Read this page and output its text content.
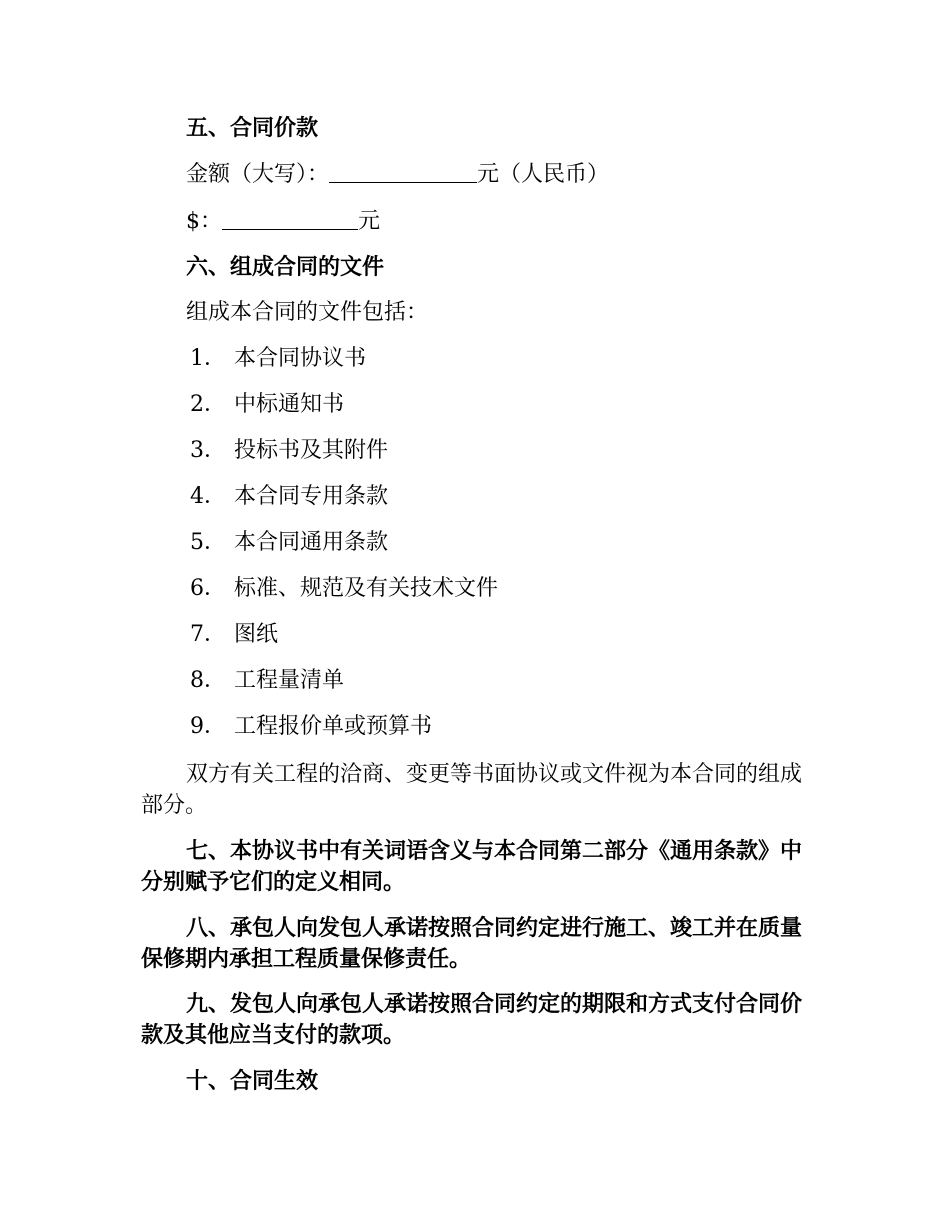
五、合同价款
金额（大写）：	元（人民币）
$：	元
六、组成合同的文件
组成本合同的文件包括：
1． 本合同协议书
2． 中标通知书
3． 投标书及其附件
4． 本合同专用条款
5． 本合同通用条款
6． 标准、规范及有关技术文件
7． 图纸
8． 工程量清单
9． 工程报价单或预算书
双方有关工程的洽商、变更等书面协议或文件视为本合同的组成部分。
七、本协议书中有关词语含义与本合同第二部分《通用条款》中分别赋予它们的定义相同。
八、承包人向发包人承诺按照合同约定进行施工、竣工并在质量保修期内承担工程质量保修责任。
九、发包人向承包人承诺按照合同约定的期限和方式支付合同价款及其他应当支付的款项。
十、合同生效
